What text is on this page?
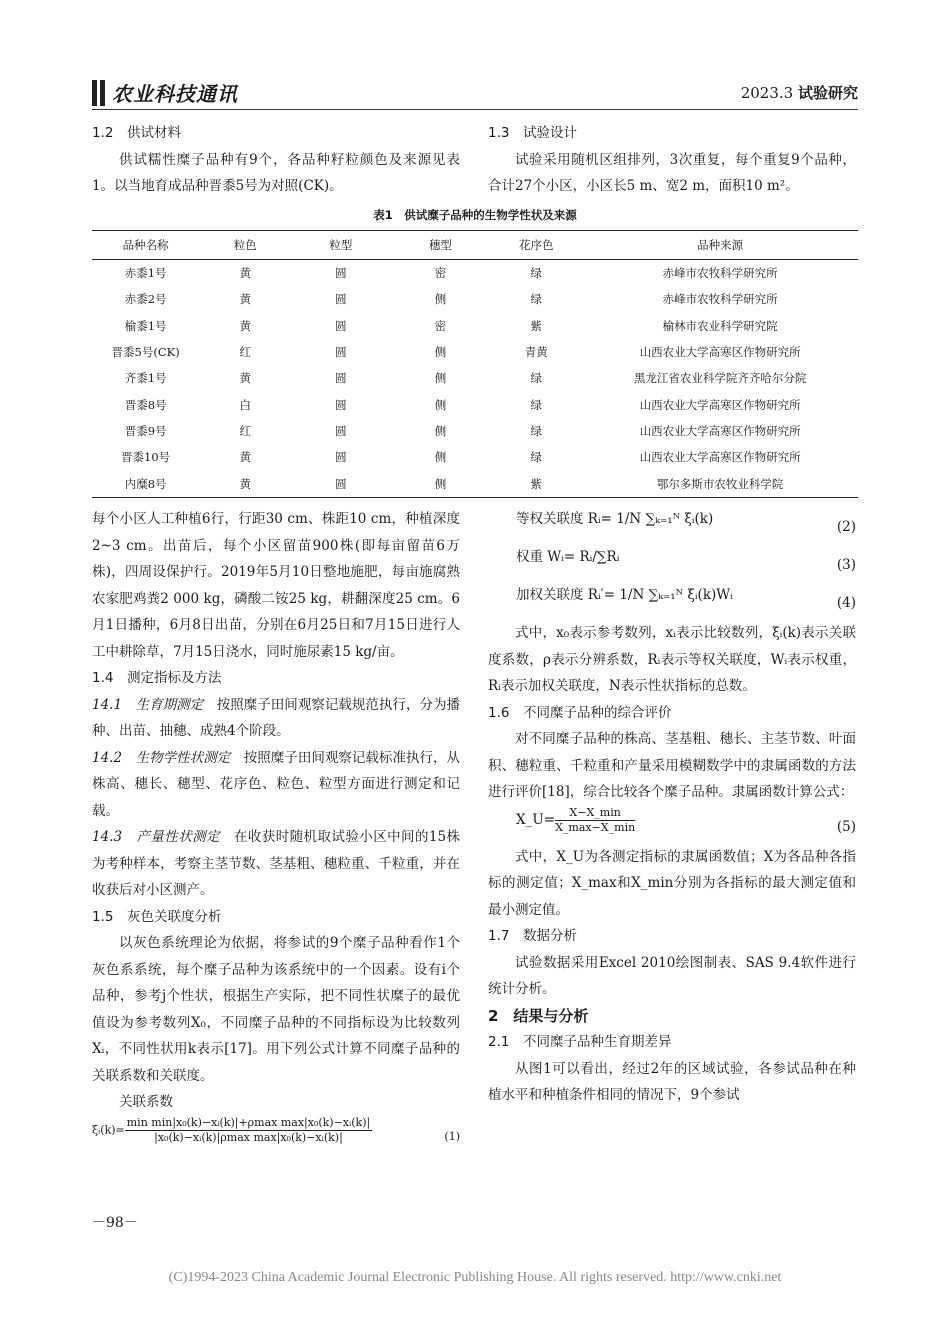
农业科技通讯	2023.3 试验研究

1.2　供试材料

供试糯性糜子品种有9个，各品种籽粒颜色及来源见表1。以当地育成品种晋黍5号为对照(CK)。

1.3　试验设计

试验采用随机区组排列，3次重复，每个重复9个品种，合计27个小区，小区长5 m、宽2 m，面积10 m²。

表1　供试糜子品种的生物学性状及来源
品种名称	粒色	粒型	穗型	花序色	品种来源
赤黍1号	黄	圆	密	绿	赤峰市农牧科学研究所
赤黍2号	黄	圆	侧	绿	赤峰市农牧科学研究所
榆黍1号	黄	圆	密	紫	榆林市农业科学研究院
晋黍5号(CK)	红	圆	侧	青黄	山西农业大学高寒区作物研究所
齐黍1号	黄	圆	侧	绿	黑龙江省农业科学院齐齐哈尔分院
晋黍8号	白	圆	侧	绿	山西农业大学高寒区作物研究所
晋黍9号	红	圆	侧	绿	山西农业大学高寒区作物研究所
晋黍10号	黄	圆	侧	绿	山西农业大学高寒区作物研究所
内糜8号	黄	圆	侧	紫	鄂尔多斯市农牧业科学院

每个小区人工种植6行，行距30 cm、株距10 cm，种植深度2~3 cm。出苗后，每个小区留苗900株(即每亩留苗6万株)，四周设保护行。2019年5月10日整地施肥，每亩施腐熟农家肥鸡粪2 000 kg，磷酸二铵25 kg，耕翻深度25 cm。6月1日播种，6月8日出苗，分别在6月25日和7月15日进行人工中耕除草，7月15日浇水，同时施尿素15 kg/亩。

1.4　测定指标及方法

14.1　生育期测定　 按照糜子田间观察记载规范执行，分为播种、出苗、抽穗、成熟4个阶段。

14.2　生物学性状测定　 按照糜子田间观察记载标准执行，从株高、穗长、穗型、花序色、粒色、粒型方面进行测定和记载。

14.3　产量性状测定　 在收获时随机取试验小区中间的15株为考种样本，考察主茎节数、茎基粗、穗粒重、千粒重，并在收获后对小区测产。

1.5　灰色关联度分析

以灰色系统理论为依据，将参试的9个糜子品种看作1个灰色系系统，每个糜子品种为该系统中的一个因素。设有i个品种，参考j个性状，根据生产实际，把不同性状糜子的最优值设为参考数列X₀，不同糜子品种的不同指标设为比较数列Xᵢ，不同性状用k表示[17]。用下列公式计算不同糜子品种的关联系数和关联度。

关联系数

ξᵢ(k)= $\frac{\text{min min|x₀(k)−xᵢ(k)|+ρmax max|x₀(k)−xᵢ(k)|}}{\text{|x₀(k)−xᵢ(k)|ρmax max|x₀(k)−xᵢ(k)|}}$	(1)
等权关联度 Rᵢ= 1/N ∑ₖ₌₁ᴺ ξᵢ(k)	(2)
权重 Wᵢ= Rᵢ/∑Rᵢ	(3)
加权关联度 Rᵢ′= 1/N ∑ₖ₌₁ᴺ ξᵢ(k)Wᵢ	(4)

式中，x₀表示参考数列，xᵢ表示比较数列，ξᵢ(k)表示关联度系数，ρ表示分辨系数，Rᵢ表示等权关联度，Wᵢ表示权重，Rᵢ表示加权关联度，N表示性状指标的总数。

1.6　不同糜子品种的综合评价

对不同糜子品种的株高、茎基粗、穗长、主茎节数、叶面积、穗粒重、千粒重和产量采用模糊数学中的隶属函数的方法进行评价[18]，综合比较各个糜子品种。隶属函数计算公式：

X_U= $\frac{X-X\_\min}{X\_\max-X\_\min}$	(5)

式中，X_U为各测定指标的隶属函数值；X为各品种各指标的测定值；X_max和X_min分别为各指标的最大测定值和最小测定值。

1.7　数据分析

试验数据采用Excel 2010绘图制表、SAS 9.4软件进行统计分析。

2　结果与分析

2.1　不同糜子品种生育期差异

从图1可以看出，经过2年的区域试验，各参试品种在种植水平和种植条件相同的情况下，9个参试

－98－
(C)1994-2023 China Academic Journal Electronic Publishing House. All rights reserved. http://www.cnki.net
